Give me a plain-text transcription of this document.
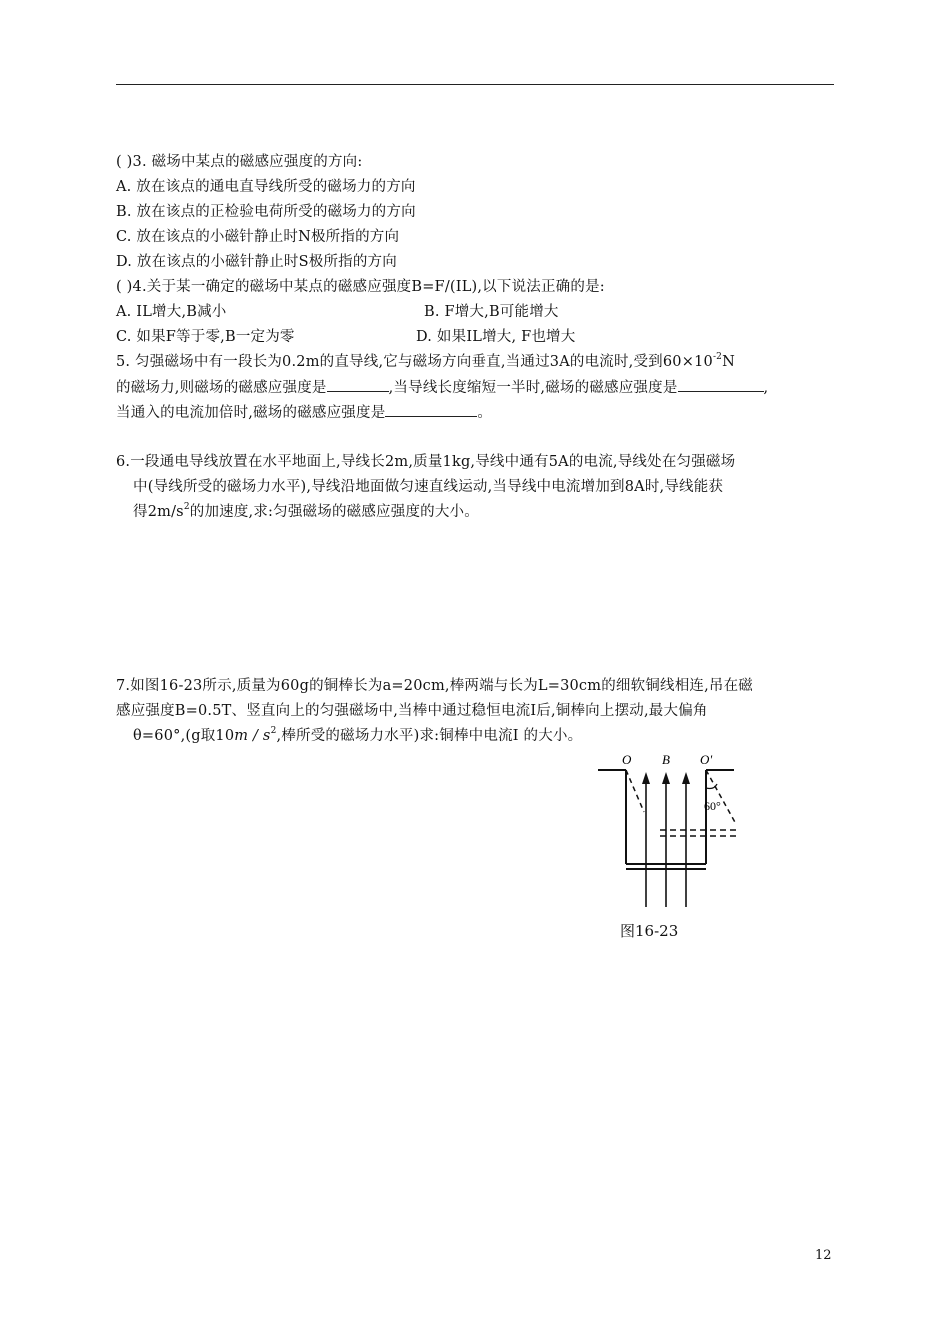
( )3. 磁场中某点的磁感应强度的方向:
A. 放在该点的通电直导线所受的磁场力的方向
B. 放在该点的正检验电荷所受的磁场力的方向
C. 放在该点的小磁针静止时N极所指的方向
D. 放在该点的小磁针静止时S极所指的方向
( )4.关于某一确定的磁场中某点的磁感应强度B=F/(IL),以下说法正确的是:
A. IL增大,B减小	B. F增大,B可能增大
C. 如果F等于零,B一定为零	D. 如果IL增大, F也增大
5. 匀强磁场中有一段长为0.2m的直导线,它与磁场方向垂直,当通过3A的电流时,受到$60\times 10^{-2}N$
的磁场力,则磁场的磁感应强度是	,当导线长度缩短一半时,磁场的磁感应强度是	,
当通入的电流加倍时,磁场的磁感应强度是	。
6.一段通电导线放置在水平地面上,导线长2m,质量1kg,导线中通有5A的电流,导线处在匀强磁场
中(导线所受的磁场力水平),导线沿地面做匀速直线运动,当导线中电流增加到8A时,导线能获
得$2m/s^2$的加速度,求:匀强磁场的磁感应强度的大小。
7.如图16-23所示,质量为60g的铜棒长为a=20cm,棒两端与长为L=30cm的细软铜线相连,吊在磁
感应强度B=0.5T、竖直向上的匀强磁场中,当棒中通过稳恒电流I后,铜棒向上摆动,最大偏角
θ=60°,(g取$10m / s^2$,棒所受的磁场力水平)求:铜棒中电流I 的大小。
O B O'
60°
图16-23
12
